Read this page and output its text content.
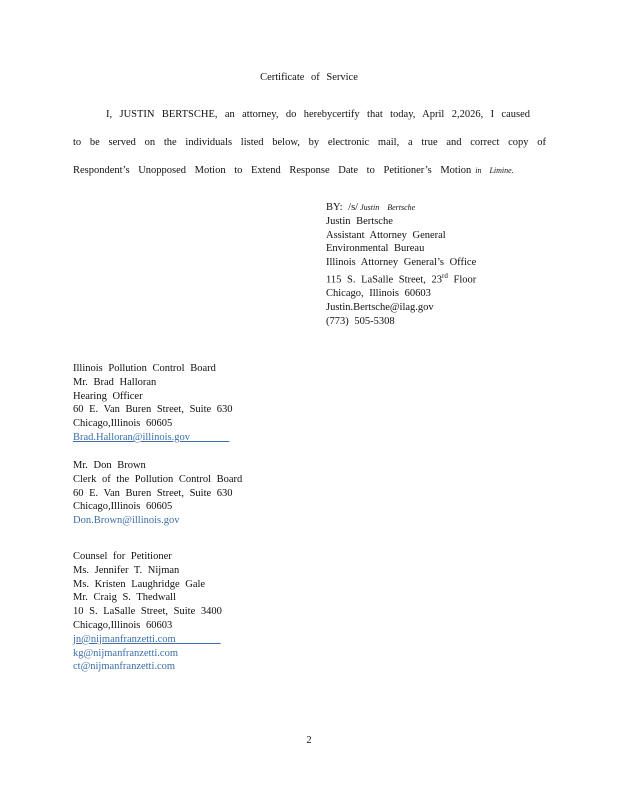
Certificate of Service
I, JUSTIN BERTSCHE, an attorney, do herebycertify that today, April 2,2026, I caused
to be served on the individuals listed below, by electronic mail, a true and correct copy of
Respondent’s Unopposed Motion to Extend Response Date to Petitioner’s Motion in Limine.
BY: /s/ Justin Bertsche
Justin Bertsche
Assistant Attorney General
Environmental Bureau
Illinois Attorney General’s Office
115 S. LaSalle Street, 23rd Floor
Chicago, Illinois 60603
Justin.Bertsche@ilag.gov
(773) 505-5308
Illinois Pollution Control Board
Mr. Brad Halloran
Hearing Officer
60 E. Van Buren Street, Suite 630
Chicago,Illinois 60605
Brad.Halloran@illinois.gov
Mr. Don Brown
Clerk of the Pollution Control Board
60 E. Van Buren Street, Suite 630
Chicago,Illinois 60605
Don.Brown@illinois.gov
Counsel for Petitioner
Ms. Jennifer T. Nijman
Ms. Kristen Laughridge Gale
Mr. Craig S. Thedwall
10 S. LaSalle Street, Suite 3400
Chicago,Illinois 60603
jn@nijmanfranzetti.com
kg@nijmanfranzetti.com
ct@nijmanfranzetti.com
2
